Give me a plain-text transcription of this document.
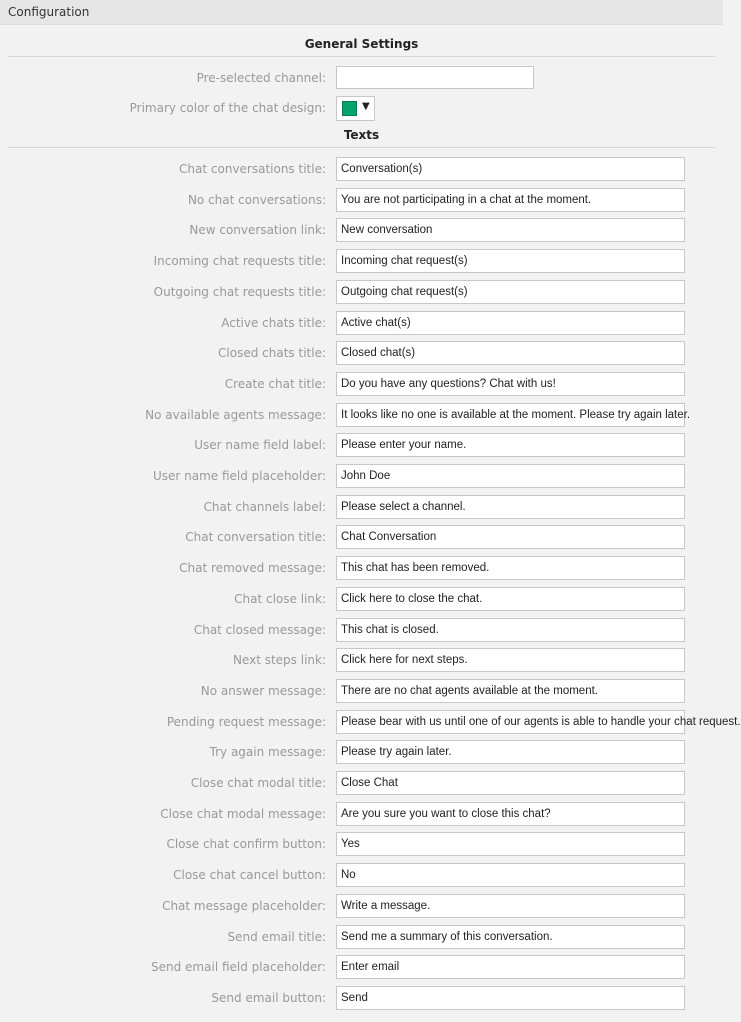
Configuration
General Settings
Pre-selected channel:
Primary color of the chat design:	▼
Texts
Chat conversations title:	Conversation(s)
No chat conversations:	You are not participating in a chat at the moment.
New conversation link:	New conversation
Incoming chat requests title:	Incoming chat request(s)
Outgoing chat requests title:	Outgoing chat request(s)
Active chats title:	Active chat(s)
Closed chats title:	Closed chat(s)
Create chat title:	Do you have any questions? Chat with us!
No available agents message:	It looks like no one is available at the moment. Please try again later.
User name field label:	Please enter your name.
User name field placeholder:	John Doe
Chat channels label:	Please select a channel.
Chat conversation title:	Chat Conversation
Chat removed message:	This chat has been removed.
Chat close link:	Click here to close the chat.
Chat closed message:	This chat is closed.
Next steps link:	Click here for next steps.
No answer message:	There are no chat agents available at the moment.
Pending request message:	Please bear with us until one of our agents is able to handle your chat request.
Try again message:	Please try again later.
Close chat modal title:	Close Chat
Close chat modal message:	Are you sure you want to close this chat?
Close chat confirm button:	Yes
Close chat cancel button:	No
Chat message placeholder:	Write a message.
Send email title:	Send me a summary of this conversation.
Send email field placeholder:	Enter email
Send email button:	Send
